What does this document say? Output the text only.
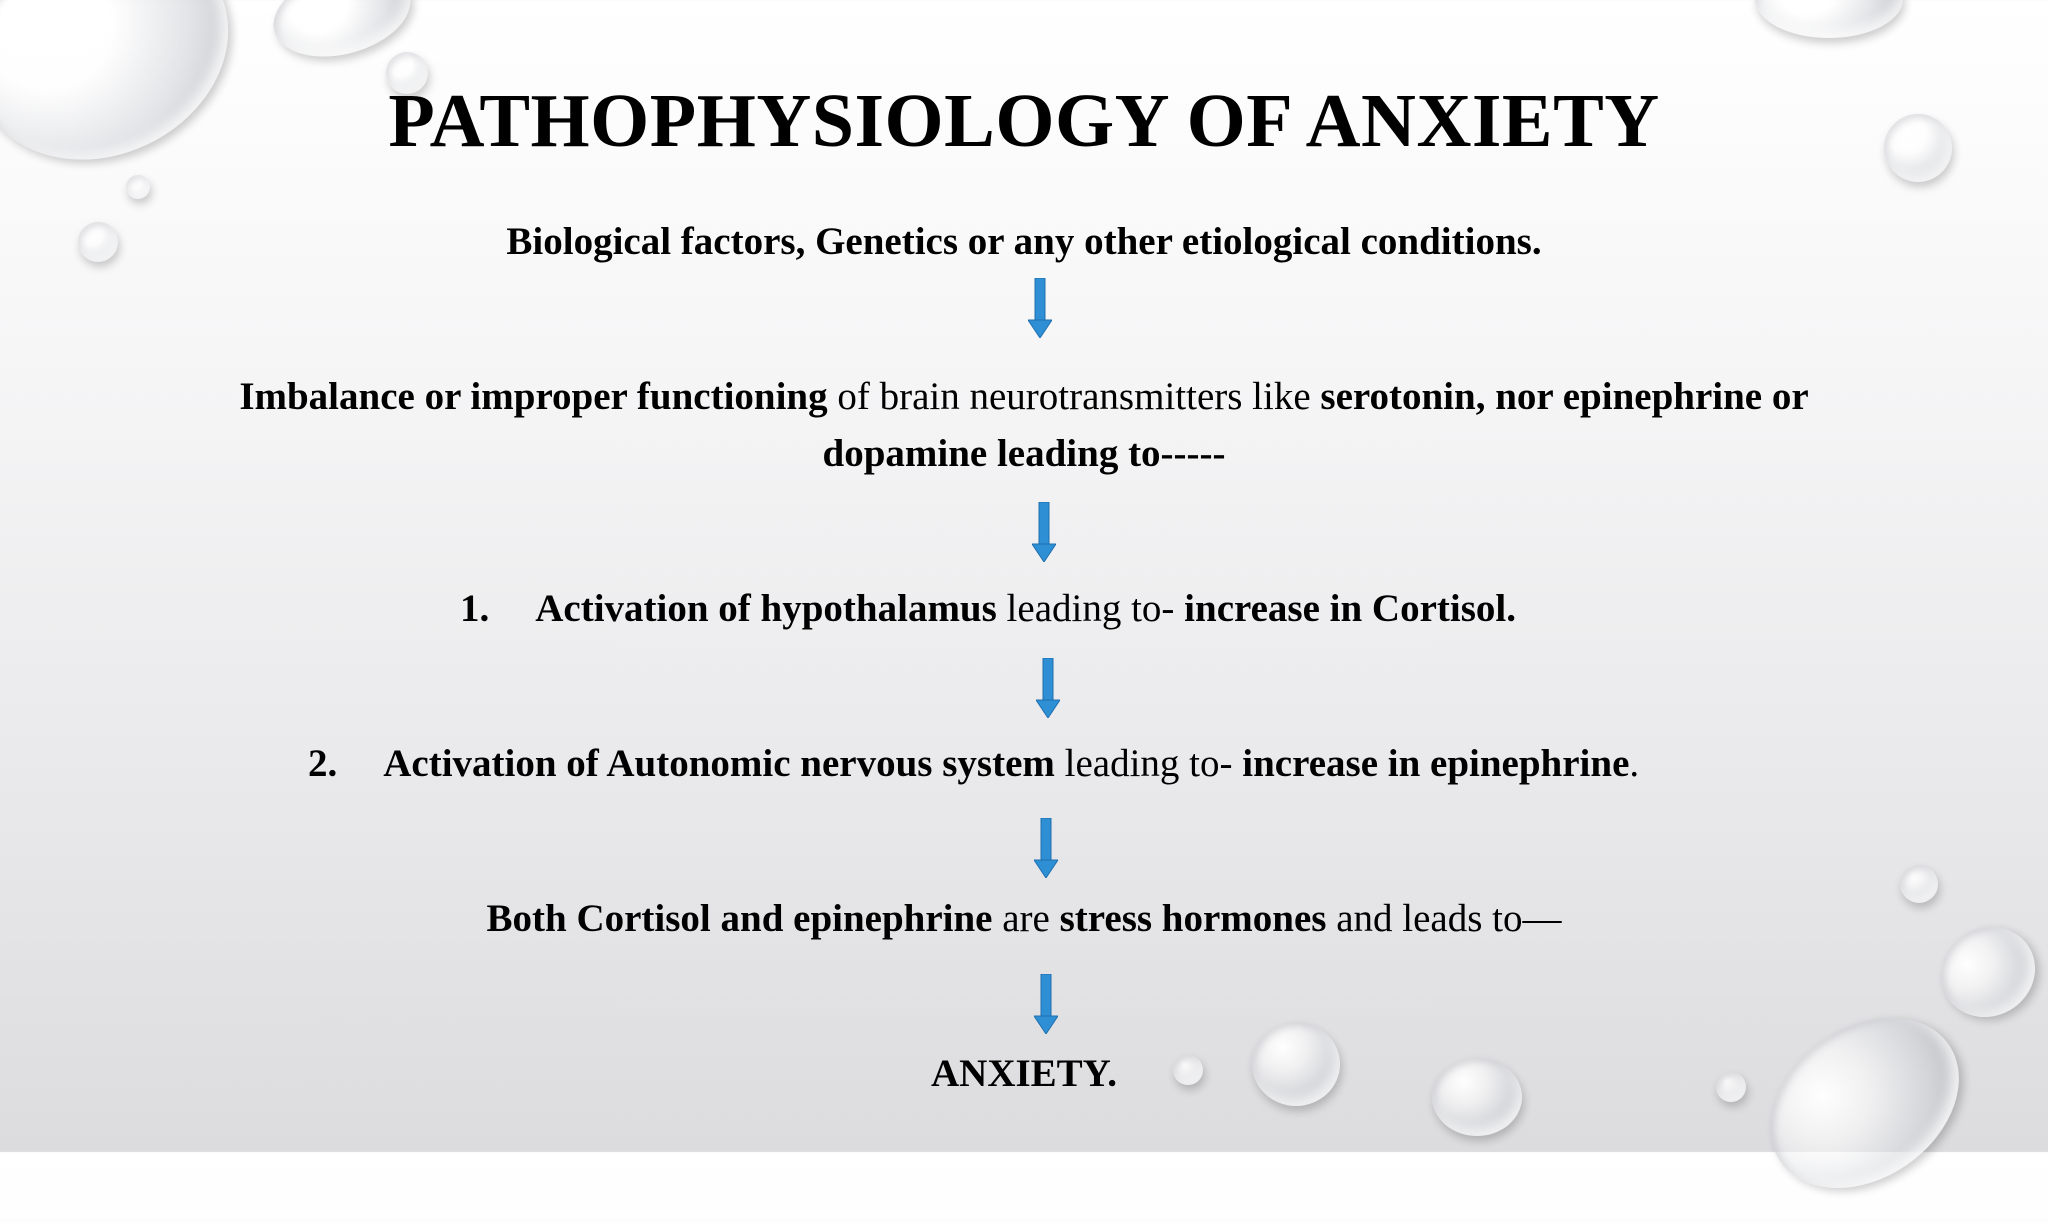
PATHOPHYSIOLOGY OF ANXIETY
Biological factors, Genetics or any other etiological conditions.
Imbalance or improper functioning of brain neurotransmitters like serotonin, nor epinephrine or
dopamine leading to-----
1. Activation of hypothalamus leading to- increase in Cortisol.
2. Activation of Autonomic nervous system leading to- increase in epinephrine.
Both Cortisol and epinephrine are stress hormones and leads to—
ANXIETY.
